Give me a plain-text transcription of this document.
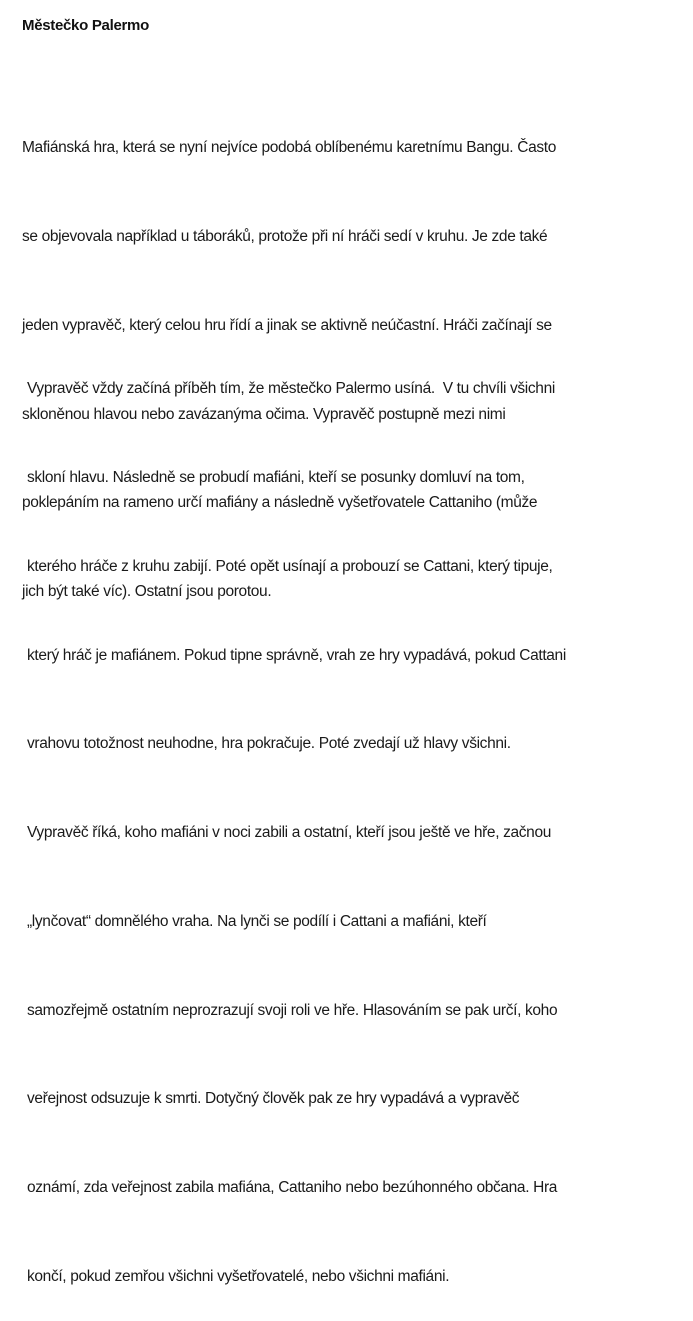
Městečko Palermo

Mafiánská hra, která se nyní nejvíce podobá oblíbenému karetnímu Bangu. Často

se objevovala například u táboráků, protože při ní hráči sedí v kruhu. Je zde také

jeden vypravěč, který celou hru řídí a jinak se aktivně neúčastní. Hráči začínají se

skloněnou hlavou nebo zavázanýma očima. Vypravěč postupně mezi nimi

poklepáním na rameno určí mafiány a následně vyšetřovatele Cattaniho (může

jich být také víc). Ostatní jsou porotou.

Vypravěč vždy začíná příběh tím, že městečko Palermo usíná.  V tu chvíli všichni

skloní hlavu. Následně se probudí mafiáni, kteří se posunky domluví na tom,

kterého hráče z kruhu zabijí. Poté opět usínají a probouzí se Cattani, který tipuje,

který hráč je mafiánem. Pokud tipne správně, vrah ze hry vypadává, pokud Cattani

vrahovu totožnost neuhodne, hra pokračuje. Poté zvedají už hlavy všichni.

Vypravěč říká, koho mafiáni v noci zabili a ostatní, kteří jsou ještě ve hře, začnou

„lynčovat“ domnělého vraha. Na lynči se podílí i Cattani a mafiáni, kteří

samozřejmě ostatním neprozrazují svoji roli ve hře. Hlasováním se pak určí, koho

veřejnost odsuzuje k smrti. Dotyčný člověk pak ze hry vypadává a vypravěč

oznámí, zda veřejnost zabila mafiána, Cattaniho nebo bezúhonného občana. Hra

končí, pokud zemřou všichni vyšetřovatelé, nebo všichni mafiáni.
